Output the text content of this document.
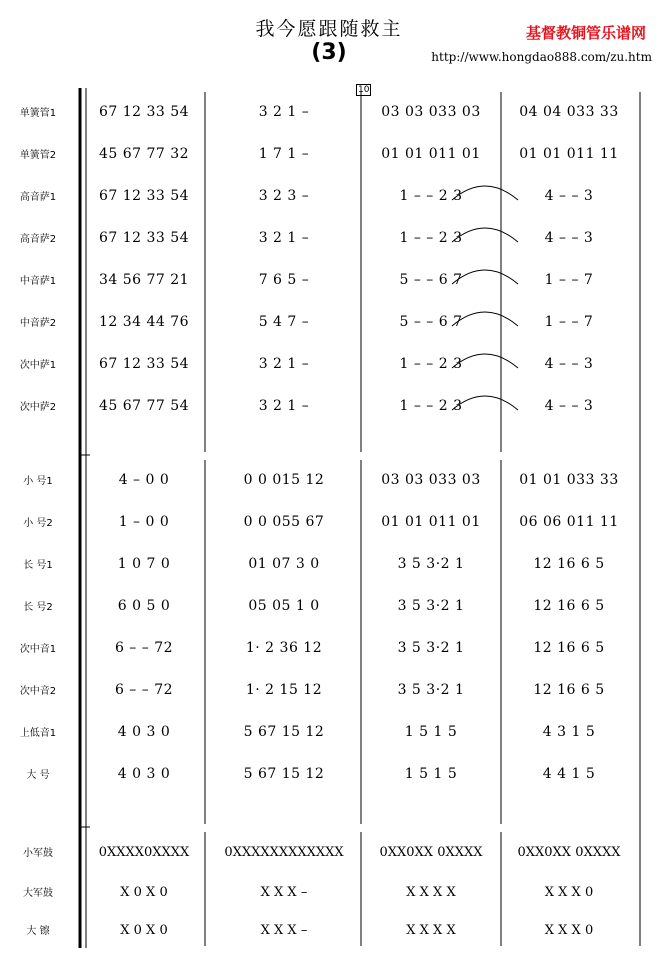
我今愿跟随救主
(3)
基督教铜管乐谱网
http://www.hongdao888.com/zu.htm
10
单簧管1	67 12 33 54	3 2 1 –	03 03 033 03	04 04 033 33
单簧管2	45 67 77 32	1 7 1 –	01 01 011 01	01 01 011 11
高音萨1	67 12 33 54	3 2 3 –	1 – – 2 3	4 – – 3
高音萨2	67 12 33 54	3 2 1 –	1 – – 2 3	4 – – 3
中音萨1	34 56 77 21	7 6 5 –	5 – – 6 7	1 – – 7
中音萨2	12 34 44 76	5 4 7 –	5 – – 6 7	1 – – 7
次中萨1	67 12 33 54	3 2 1 –	1 – – 2 3	4 – – 3
次中萨2	45 67 77 54	3 2 1 –	1 – – 2 3	4 – – 3
小 号1	4 – 0 0	0 0 015 12	03 03 033 03	01 01 033 33
小 号2	1 – 0 0	0 0 055 67	01 01 011 01	06 06 011 11
长 号1	1 0 7 0	01 07 3 0	3 5 3·2 1	12 16 6 5
长 号2	6 0 5 0	05 05 1 0	3 5 3·2 1	12 16 6 5
次中音1	6 – – 72	1· 2 36 12	3 5 3·2 1	12 16 6 5
次中音2	6 – – 72	1· 2 15 12	3 5 3·2 1	12 16 6 5
上低音1	4 0 3 0	5 67 15 12	1 5 1 5	4 3 1 5
大 号	4 0 3 0	5 67 15 12	1 5 1 5	4 4 1 5
小军鼓	0XXXX0XXXX	0XXXXXXXXXXXX	0XX0XX 0XXXX	0XX0XX 0XXXX
大军鼓	X 0 X 0	X X X –	X X X X	X X X 0
大 镲	X 0 X 0	X X X –	X X X X	X X X 0
